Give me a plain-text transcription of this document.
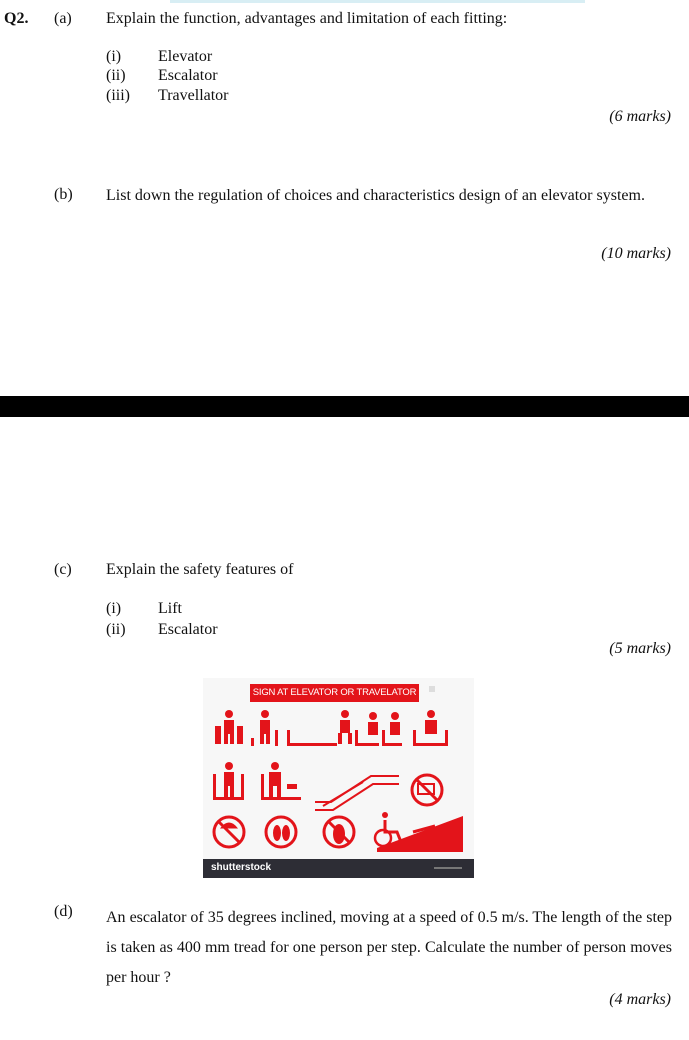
Q2. (a) Explain the function, advantages and limitation of each fitting:
(i) Elevator
(ii) Escalator
(iii) Travellator
(6 marks)
(b) List down the regulation of choices and characteristics design of an elevator system.
(10 marks)
(c) Explain the safety features of
(i) Lift
(ii) Escalator
(5 marks)
SIGN AT ELEVATOR OR TRAVELATOR
shutterstock
(d) An escalator of 35 degrees inclined, moving at a speed of 0.5 m/s. The length of the step is taken as 400 mm tread for one person per step. Calculate the number of person moves per hour ?
(4 marks)
